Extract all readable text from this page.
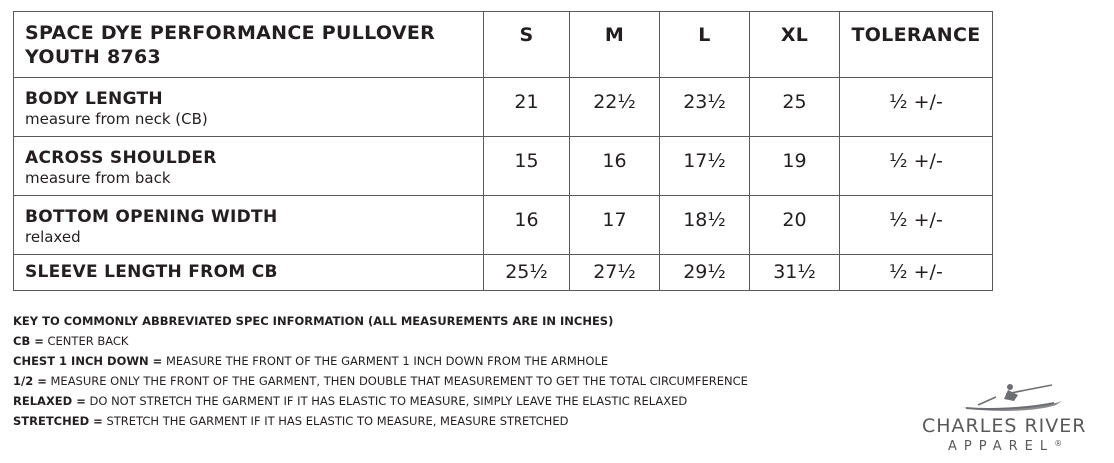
SPACE DYE PERFORMANCE PULLOVER
YOUTH 8763	S	M	L	XL	TOLERANCE

BODY LENGTH
measure from neck (CB)	21	22½	23½	25	½ +/-

ACROSS SHOULDER
measure from back	15	16	17½	19	½ +/-

BOTTOM OPENING WIDTH
relaxed	16	17	18½	20	½ +/-

SLEEVE LENGTH FROM CB	25½	27½	29½	31½	½ +/-
KEY TO COMMONLY ABBREVIATED SPEC INFORMATION (ALL MEASUREMENTS ARE IN INCHES)
CB = CENTER BACK
CHEST 1 INCH DOWN = MEASURE THE FRONT OF THE GARMENT 1 INCH DOWN FROM THE ARMHOLE
1/2 = MEASURE ONLY THE FRONT OF THE GARMENT, THEN DOUBLE THAT MEASUREMENT TO GET THE TOTAL CIRCUMFERENCE
RELAXED = DO NOT STRETCH THE GARMENT IF IT HAS ELASTIC TO MEASURE, SIMPLY LEAVE THE ELASTIC RELAXED
STRETCHED = STRETCH THE GARMENT IF IT HAS ELASTIC TO MEASURE, MEASURE STRETCHED	CHARLES RIVER
APPAREL®
